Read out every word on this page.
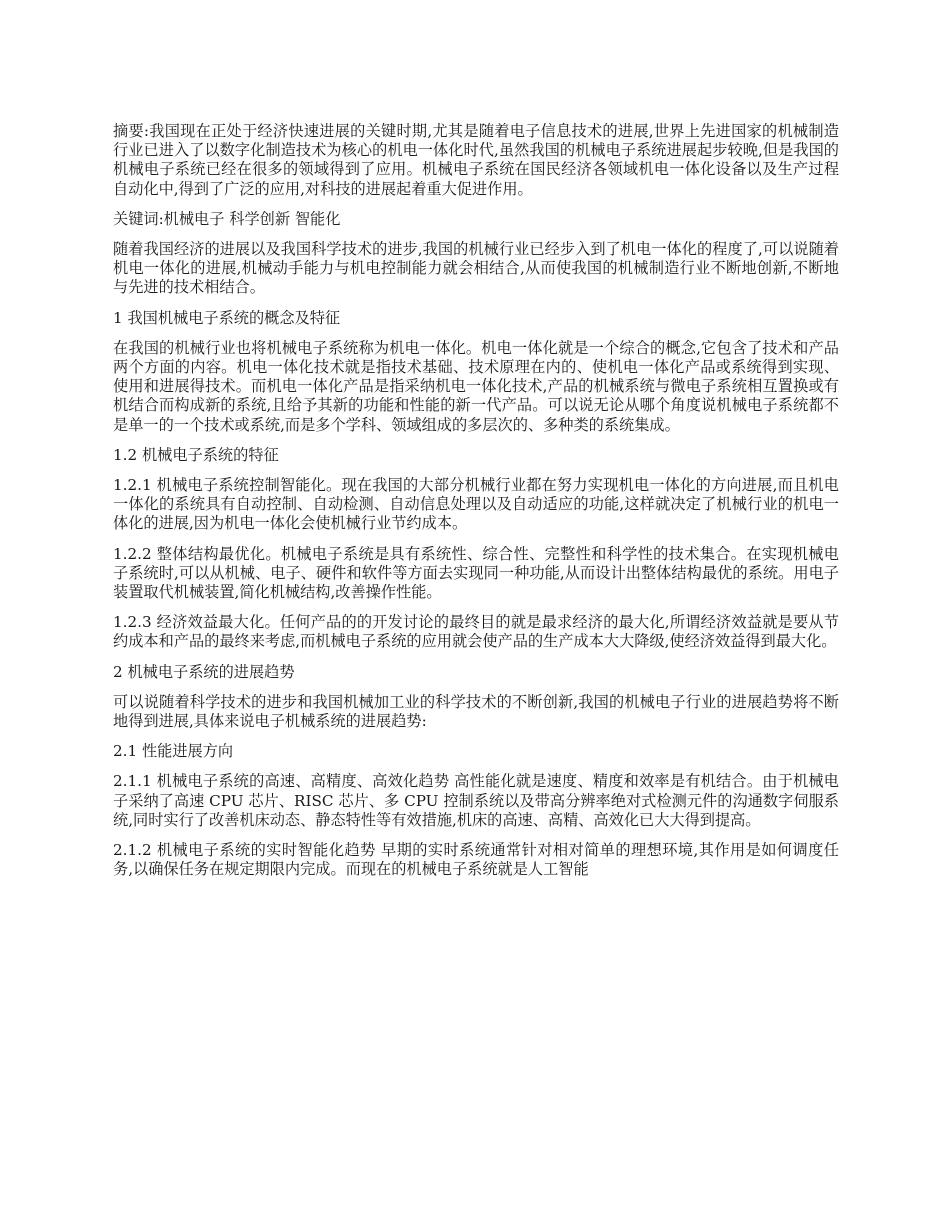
摘要:我国现在正处于经济快速进展的关键时期,尤其是随着电子信息技术的进展,世界上先进国家的机械制造行业已进入了以数字化制造技术为核心的机电一体化时代,虽然我国的机械电子系统进展起步较晚,但是我国的机械电子系统已经在很多的领域得到了应用。机械电子系统在国民经济各领域机电一体化设备以及生产过程自动化中,得到了广泛的应用,对科技的进展起着重大促进作用。

关键词:机械电子 科学创新 智能化

随着我国经济的进展以及我国科学技术的进步,我国的机械行业已经步入到了机电一体化的程度了,可以说随着机电一体化的进展,机械动手能力与机电控制能力就会相结合,从而使我国的机械制造行业不断地创新,不断地与先进的技术相结合。

1 我国机械电子系统的概念及特征

在我国的机械行业也将机械电子系统称为机电一体化。机电一体化就是一个综合的概念,它包含了技术和产品两个方面的内容。机电一体化技术就是指技术基础、技术原理在内的、使机电一体化产品或系统得到实现、使用和进展得技术。而机电一体化产品是指采纳机电一体化技术,产品的机械系统与微电子系统相互置换或有机结合而构成新的系统,且给予其新的功能和性能的新一代产品。可以说无论从哪个角度说机械电子系统都不是单一的一个技术或系统,而是多个学科、领域组成的多层次的、多种类的系统集成。

1.2 机械电子系统的特征

1.2.1 机械电子系统控制智能化。现在我国的大部分机械行业都在努力实现机电一体化的方向进展,而且机电一体化的系统具有自动控制、自动检测、自动信息处理以及自动适应的功能,这样就决定了机械行业的机电一体化的进展,因为机电一体化会使机械行业节约成本。

1.2.2 整体结构最优化。机械电子系统是具有系统性、综合性、完整性和科学性的技术集合。在实现机械电子系统时,可以从机械、电子、硬件和软件等方面去实现同一种功能,从而设计出整体结构最优的系统。用电子装置取代机械装置,简化机械结构,改善操作性能。

1.2.3 经济效益最大化。任何产品的的开发讨论的最终目的就是最求经济的最大化,所谓经济效益就是要从节约成本和产品的最终来考虑,而机械电子系统的应用就会使产品的生产成本大大降级,使经济效益得到最大化。

2 机械电子系统的进展趋势

可以说随着科学技术的进步和我国机械加工业的科学技术的不断创新,我国的机械电子行业的进展趋势将不断地得到进展,具体来说电子机械系统的进展趋势:

2.1 性能进展方向

2.1.1 机械电子系统的高速、高精度、高效化趋势 高性能化就是速度、精度和效率是有机结合。由于机械电子采纳了高速 CPU 芯片、RISC 芯片、多 CPU 控制系统以及带高分辨率绝对式检测元件的沟通数字伺服系统,同时实行了改善机床动态、静态特性等有效措施,机床的高速、高精、高效化已大大得到提高。

2.1.2 机械电子系统的实时智能化趋势 早期的实时系统通常针对相对简单的理想环境,其作用是如何调度任务,以确保任务在规定期限内完成。而现在的机械电子系统就是人工智能
